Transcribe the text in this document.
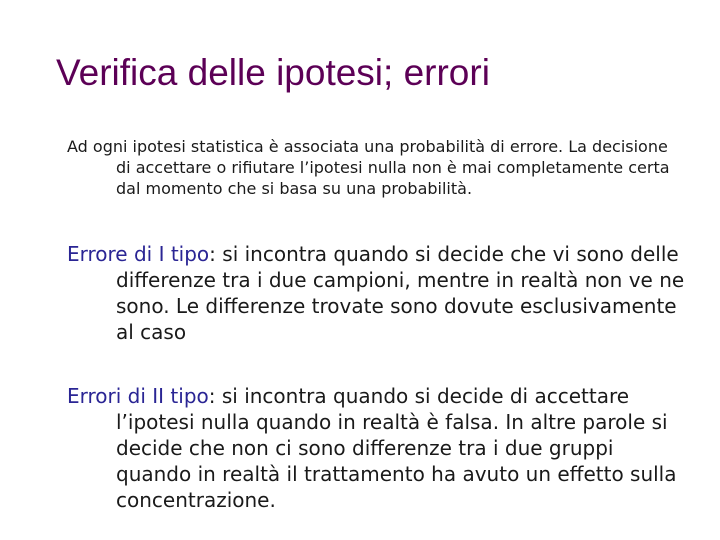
Verifica delle ipotesi; errori

Ad ogni ipotesi statistica è associata una probabilità di errore. La decisione di accettare o rifiutare l’ipotesi nulla non è mai completamente certa dal momento che si basa su una probabilità.

Errore di I tipo: si incontra quando si decide che vi sono delle differenze tra i due campioni, mentre in realtà non ve ne sono. Le differenze trovate sono dovute esclusivamente al caso

Errori di II tipo: si incontra quando si decide di accettare l’ipotesi nulla quando in realtà è falsa. In altre parole si decide che non ci sono differenze tra i due gruppi quando in realtà il trattamento ha avuto un effetto sulla concentrazione.
